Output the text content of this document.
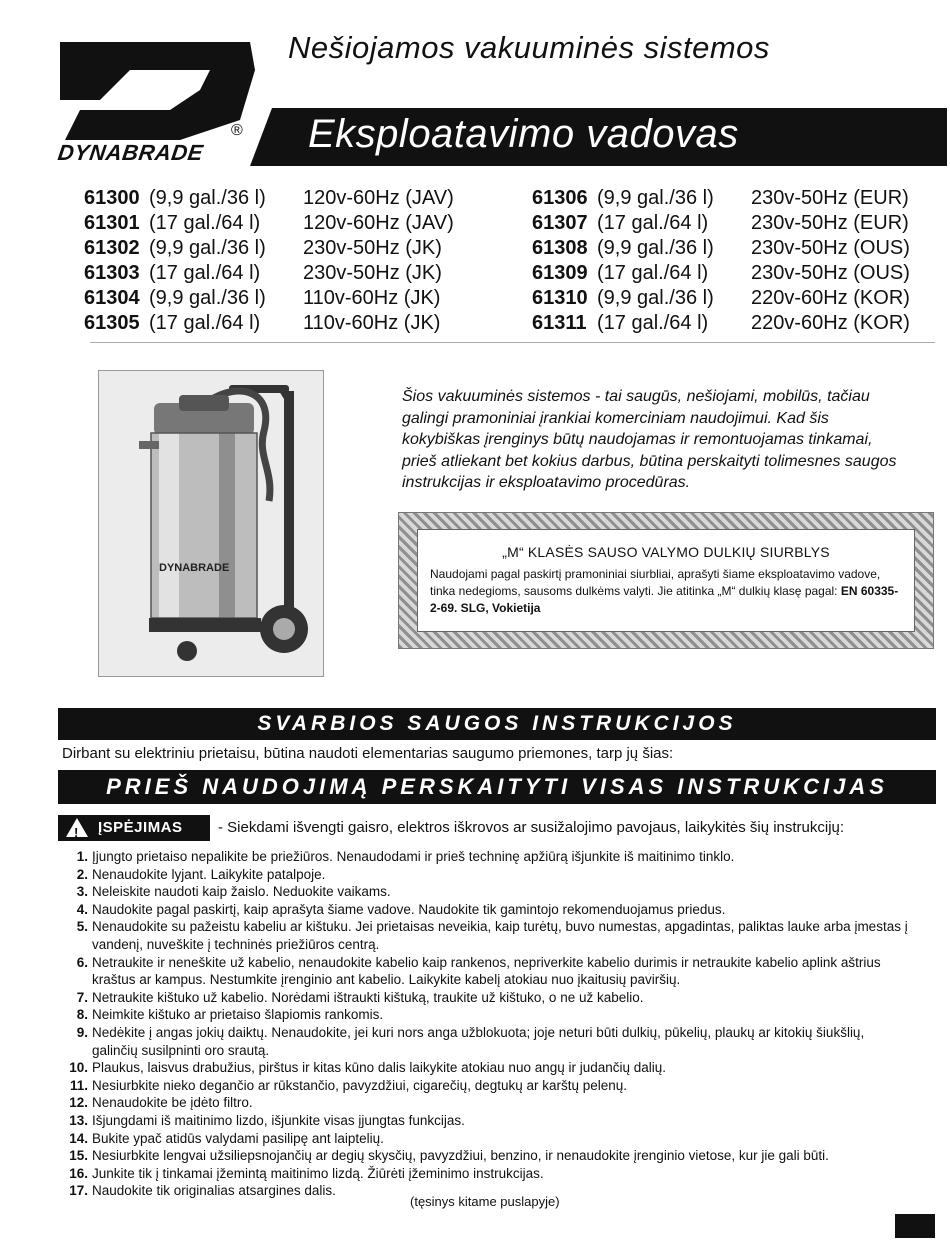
DYNABRADE
®
Nešiojamos vakuuminės sistemos
Eksploatavimo vadovas
61300 (9,9 gal./36 l)	120v-60Hz (JAV)
61301 (17 gal./64 l)	120v-60Hz (JAV)
61302 (9,9 gal./36 l)	230v-50Hz (JK)
61303 (17 gal./64 l)	230v-50Hz (JK)
61304 (9,9 gal./36 l)	110v-60Hz (JK)
61305 (17 gal./64 l)	110v-60Hz (JK)
61306 (9,9 gal./36 l)	230v-50Hz (EUR)
61307 (17 gal./64 l)	230v-50Hz (EUR)
61308 (9,9 gal./36 l)	230v-50Hz (OUS)
61309 (17 gal./64 l)	230v-50Hz (OUS)
61310 (9,9 gal./36 l)	220v-60Hz (KOR)
61311 (17 gal./64 l)	220v-60Hz (KOR)
DYNABRADE
Šios vakuuminės sistemos - tai saugūs, nešiojami, mobilūs, tačiau galingi pramoniniai įrankiai komerciniam naudojimui. Kad šis kokybiškas įrenginys būtų naudojamas ir remontuojamas tinkamai, prieš atliekant bet kokius darbus, būtina perskaityti tolimesnes saugos instrukcijas ir eksploatavimo procedūras.
„M“ KLASĖS SAUSO VALYMO DULKIŲ SIURBLYS
Naudojami pagal paskirtį pramoniniai siurbliai, aprašyti šiame eksploatavimo vadove, tinka nedegioms, sausoms dulkėms valyti. Jie atitinka „M“ dulkių klasę pagal: EN 60335-2-69. SLG, Vokietija
SVARBIOS SAUGOS INSTRUKCIJOS
Dirbant su elektriniu prietaisu, būtina naudoti elementarias saugumo priemones, tarp jų šias:
PRIEŠ NAUDOJIMĄ PERSKAITYTI VISAS INSTRUKCIJAS
! ĮSPĖJIMAS - Siekdami išvengti gaisro, elektros iškrovos ar susižalojimo pavojaus, laikykitės šių instrukcijų:
1. Įjungto prietaiso nepalikite be priežiūros. Nenaudodami ir prieš techninę apžiūrą išjunkite iš maitinimo tinklo.
2. Nenaudokite lyjant. Laikykite patalpoje.
3. Neleiskite naudoti kaip žaislo. Neduokite vaikams.
4. Naudokite pagal paskirtį, kaip aprašyta šiame vadove. Naudokite tik gamintojo rekomenduojamus priedus.
5. Nenaudokite su pažeistu kabeliu ar kištuku. Jei prietaisas neveikia, kaip turėtų, buvo numestas, apgadintas, paliktas lauke arba įmestas į vandenį, nuveškite į techninės priežiūros centrą.
6. Netraukite ir neneškite už kabelio, nenaudokite kabelio kaip rankenos, nepriverkite kabelio durimis ir netraukite kabelio aplink aštrius kraštus ar kampus. Nestumkite įrenginio ant kabelio. Laikykite kabelį atokiau nuo įkaitusių paviršių.
7. Netraukite kištuko už kabelio. Norėdami ištraukti kištuką, traukite už kištuko, o ne už kabelio.
8. Neimkite kištuko ar prietaiso šlapiomis rankomis.
9. Nedėkite į angas jokių daiktų. Nenaudokite, jei kuri nors anga užblokuota; joje neturi būti dulkių, pūkelių, plaukų ar kitokių šiukšlių, galinčių susilpninti oro srautą.
10. Plaukus, laisvus drabužius, pirštus ir kitas kūno dalis laikykite atokiau nuo angų ir judančių dalių.
11. Nesiurbkite nieko degančio ar rūkstančio, pavyzdžiui, cigarečių, degtukų ar karštų pelenų.
12. Nenaudokite be įdėto filtro.
13. Išjungdami iš maitinimo lizdo, išjunkite visas įjungtas funkcijas.
14. Bukite ypač atidūs valydami pasilipę ant laiptelių.
15. Nesiurbkite lengvai užsiliepsnojančių ar degių skysčių, pavyzdžiui, benzino, ir nenaudokite įrenginio vietose, kur jie gali būti.
16. Junkite tik į tinkamai įžemintą maitinimo lizdą. Žiūrėti įžeminimo instrukcijas.
17. Naudokite tik originalias atsargines dalis.
(tęsinys kitame puslapyje)
